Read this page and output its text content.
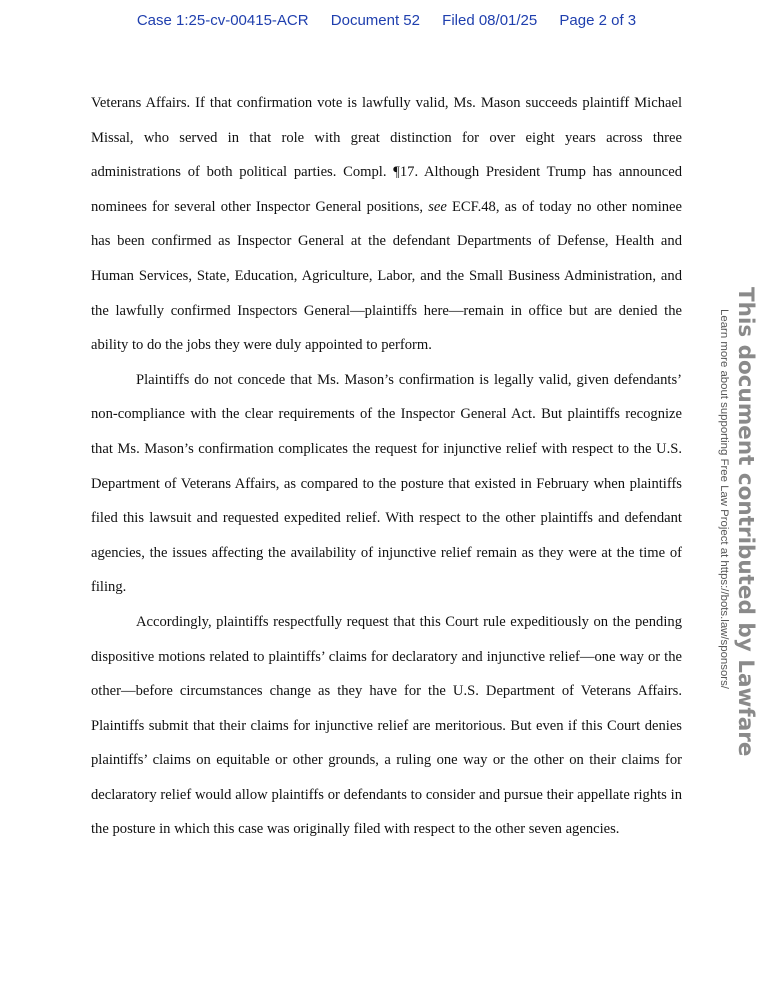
Case 1:25-cv-00415-ACR Document 52 Filed 08/01/25 Page 2 of 3

Veterans Affairs. If that confirmation vote is lawfully valid, Ms. Mason succeeds plaintiff Michael Missal, who served in that role with great distinction for over eight years across three administrations of both political parties. Compl. ¶17. Although President Trump has announced nominees for several other Inspector General positions, see ECF.48, as of today no other nominee has been confirmed as Inspector General at the defendant Departments of Defense, Health and Human Services, State, Education, Agriculture, Labor, and the Small Business Administration, and the lawfully confirmed Inspectors General—plaintiffs here—remain in office but are denied the ability to do the jobs they were duly appointed to perform.

Plaintiffs do not concede that Ms. Mason’s confirmation is legally valid, given defendants’ non-compliance with the clear requirements of the Inspector General Act. But plaintiffs recognize that Ms. Mason’s confirmation complicates the request for injunctive relief with respect to the U.S. Department of Veterans Affairs, as compared to the posture that existed in February when plaintiffs filed this lawsuit and requested expedited relief. With respect to the other plaintiffs and defendant agencies, the issues affecting the availability of injunctive relief remain as they were at the time of filing.

Accordingly, plaintiffs respectfully request that this Court rule expeditiously on the pending dispositive motions related to plaintiffs’ claims for declaratory and injunctive relief—one way or the other—before circumstances change as they have for the U.S. Department of Veterans Affairs. Plaintiffs submit that their claims for injunctive relief are meritorious. But even if this Court denies plaintiffs’ claims on equitable or other grounds, a ruling one way or the other on their claims for declaratory relief would allow plaintiffs or defendants to consider and pursue their appellate rights in the posture in which this case was originally filed with respect to the other seven agencies.

This document contributed by Lawfare
Learn more about supporting Free Law Project at https://bots.law/sponsors/
